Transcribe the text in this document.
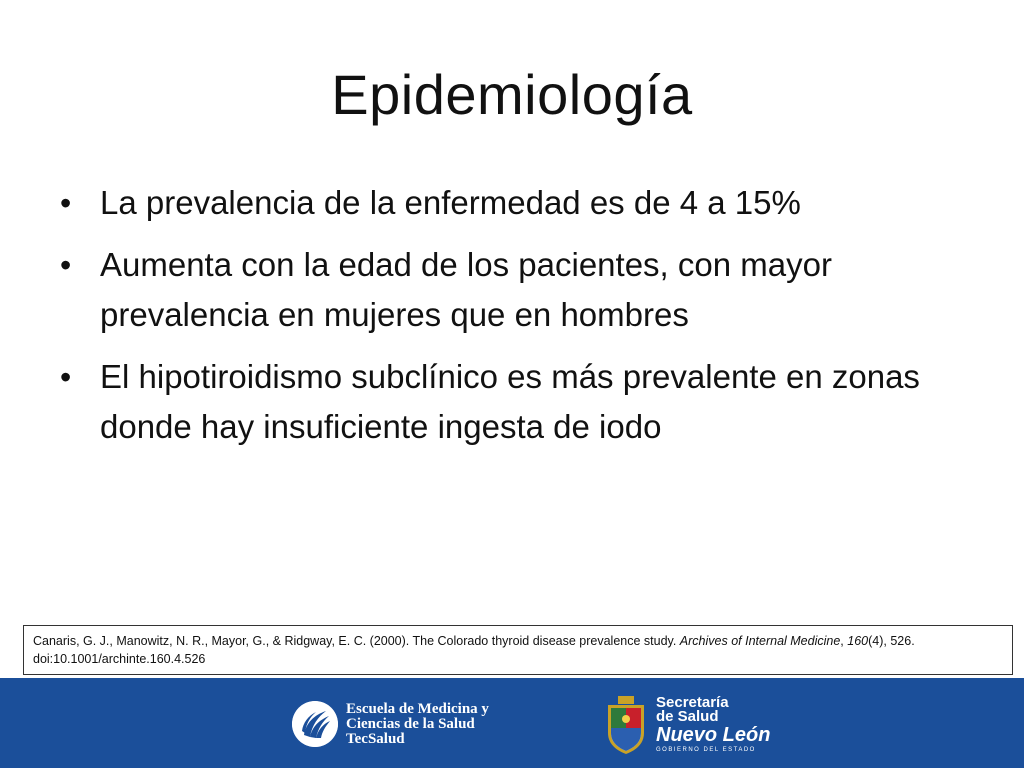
Epidemiología
• La prevalencia de la enfermedad es de 4 a 15%
• Aumenta con la edad de los pacientes, con mayor prevalencia en mujeres que en hombres
• El hipotiroidismo subclínico es más prevalente en zonas donde hay insuficiente ingesta de iodo
Canaris, G. J., Manowitz, N. R., Mayor, G., & Ridgway, E. C. (2000). The Colorado thyroid disease prevalence study. Archives of Internal Medicine, 160(4), 526.
doi:10.1001/archinte.160.4.526
Escuela de Medicina y
Ciencias de la Salud
TecSalud
Secretaría
de Salud
Nuevo León
GOBIERNO DEL ESTADO
